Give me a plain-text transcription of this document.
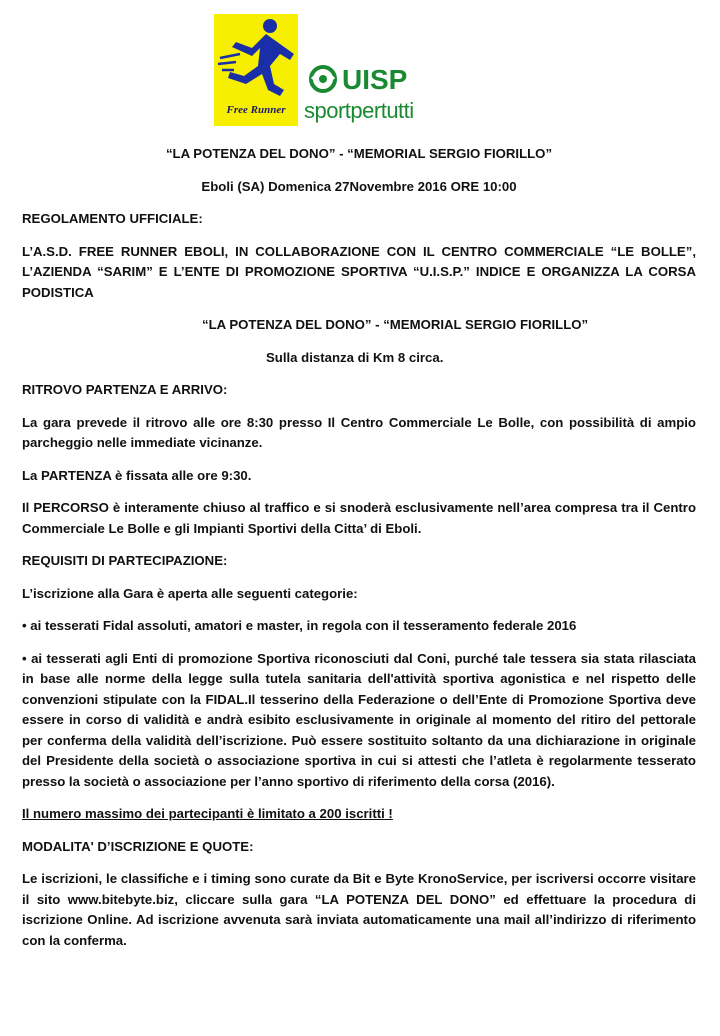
Free Runner
UISP
sportpertutti

“LA POTENZA DEL DONO” - “MEMORIAL SERGIO FIORILLO”

Eboli (SA) Domenica 27Novembre 2016 ORE 10:00

REGOLAMENTO UFFICIALE:

L’A.S.D. FREE RUNNER EBOLI, IN COLLABORAZIONE CON IL CENTRO COMMERCIALE “LE BOLLE”, L’AZIENDA “SARIM” E L’ENTE DI PROMOZIONE SPORTIVA “U.I.S.P.” INDICE E ORGANIZZA LA CORSA PODISTICA

“LA POTENZA DEL DONO” - “MEMORIAL SERGIO FIORILLO”

Sulla distanza di Km 8 circa.

RITROVO PARTENZA E ARRIVO:

La gara prevede il ritrovo alle ore 8:30 presso Il Centro Commerciale Le Bolle, con possibilità di ampio parcheggio nelle immediate vicinanze.

La PARTENZA è fissata alle ore 9:30.

Il PERCORSO è interamente chiuso al traffico e si snoderà esclusivamente nell’area compresa tra il Centro Commerciale Le Bolle e gli Impianti Sportivi della Citta’ di Eboli.

REQUISITI DI PARTECIPAZIONE:

L’iscrizione alla Gara è aperta alle seguenti categorie:

• ai tesserati Fidal assoluti, amatori e master, in regola con il tesseramento federale 2016

• ai tesserati agli Enti di promozione Sportiva riconosciuti dal Coni, purché tale tessera sia stata rilasciata in base alle norme della legge sulla tutela sanitaria dell'attività sportiva agonistica e nel rispetto delle convenzioni stipulate con la FIDAL.Il tesserino della Federazione o dell’Ente di Promozione Sportiva deve essere in corso di validità e andrà esibito esclusivamente in originale al momento del ritiro del pettorale per conferma della validità dell’iscrizione. Può essere sostituito soltanto da una dichiarazione in originale del Presidente della società o associazione sportiva in cui si attesti che l’atleta è regolarmente tesserato presso la società o associazione per l’anno sportivo di riferimento della corsa (2016).

Il numero massimo dei partecipanti è limitato a 200 iscritti !

MODALITA' D’ISCRIZIONE E QUOTE:

Le iscrizioni, le classifiche e i timing sono curate da Bit e Byte KronoService, per iscriversi occorre visitare il sito www.bitebyte.biz, cliccare sulla gara “LA POTENZA DEL DONO” ed effettuare la procedura di iscrizione Online. Ad iscrizione avvenuta sarà inviata automaticamente una mail all’indirizzo di riferimento con la conferma.
